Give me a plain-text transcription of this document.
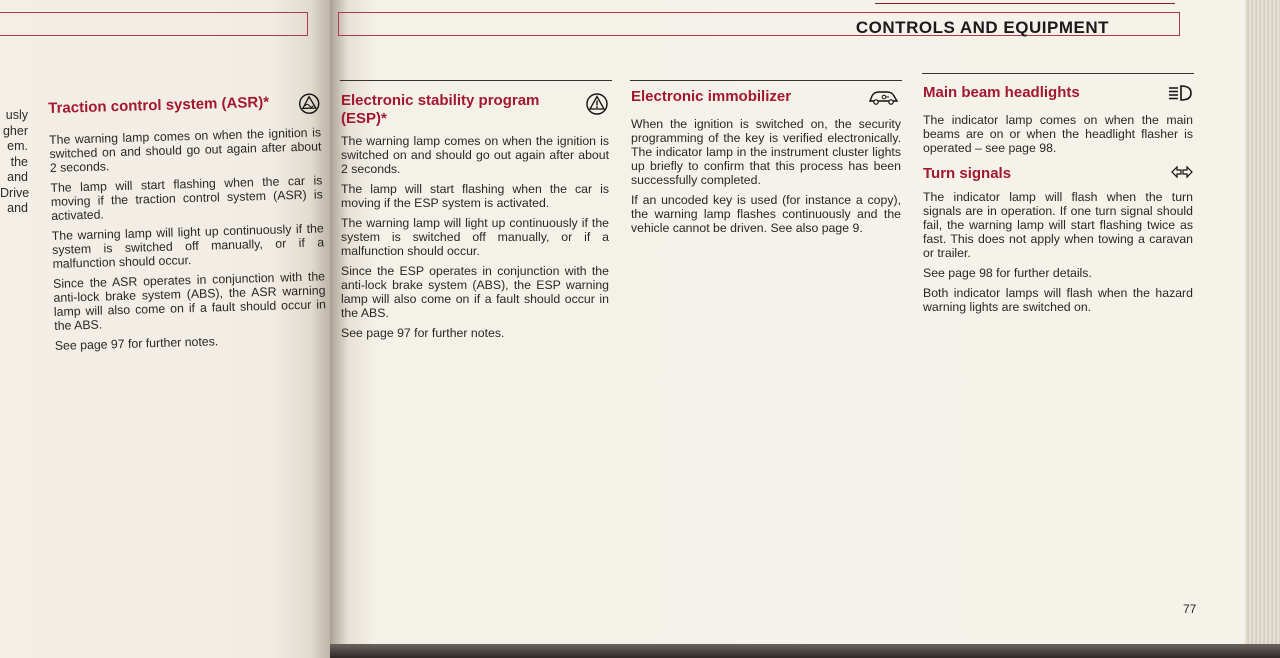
usly
gher
em.
the
and
Drive
and
Traction control system (ASR)*

The warning lamp comes on when the ignition is switched on and should go out again after about 2 seconds.

The lamp will start flashing when the car is moving if the traction control system (ASR) is activated.

The warning lamp will light up continuously if the system is switched off manually, or if a malfunction should occur.

Since the ASR operates in conjunction with the anti-lock brake system (ABS), the ASR warning lamp will also come on if a fault should occur in the ABS.

See page 97 for further notes.

CONTROLS AND EQUIPMENT
Electronic stability program (ESP)*

The warning lamp comes on when the ignition is switched on and should go out again after about 2 seconds.

The lamp will start flashing when the car is moving if the ESP system is activated.

The warning lamp will light up continuously if the system is switched off manually, or if a malfunction should occur.

Since the ESP operates in conjunction with the anti-lock brake system (ABS), the ESP warning lamp will also come on if a fault should occur in the ABS.

See page 97 for further notes.

Electronic immobilizer

When the ignition is switched on, the security programming of the key is verified electronically. The indicator lamp in the instrument cluster lights up briefly to confirm that this process has been successfully completed.

If an uncoded key is used (for instance a copy), the warning lamp flashes continuously and the vehicle cannot be driven. See also page 9.

Main beam headlights

The indicator lamp comes on when the main beams are on or when the headlight flasher is operated – see page 98.

Turn signals

The indicator lamp will flash when the turn signals are in operation. If one turn signal should fail, the warning lamp will start flashing twice as fast. This does not apply when towing a caravan or trailer.

See page 98 for further details.

Both indicator lamps will flash when the hazard warning lights are switched on.

77
